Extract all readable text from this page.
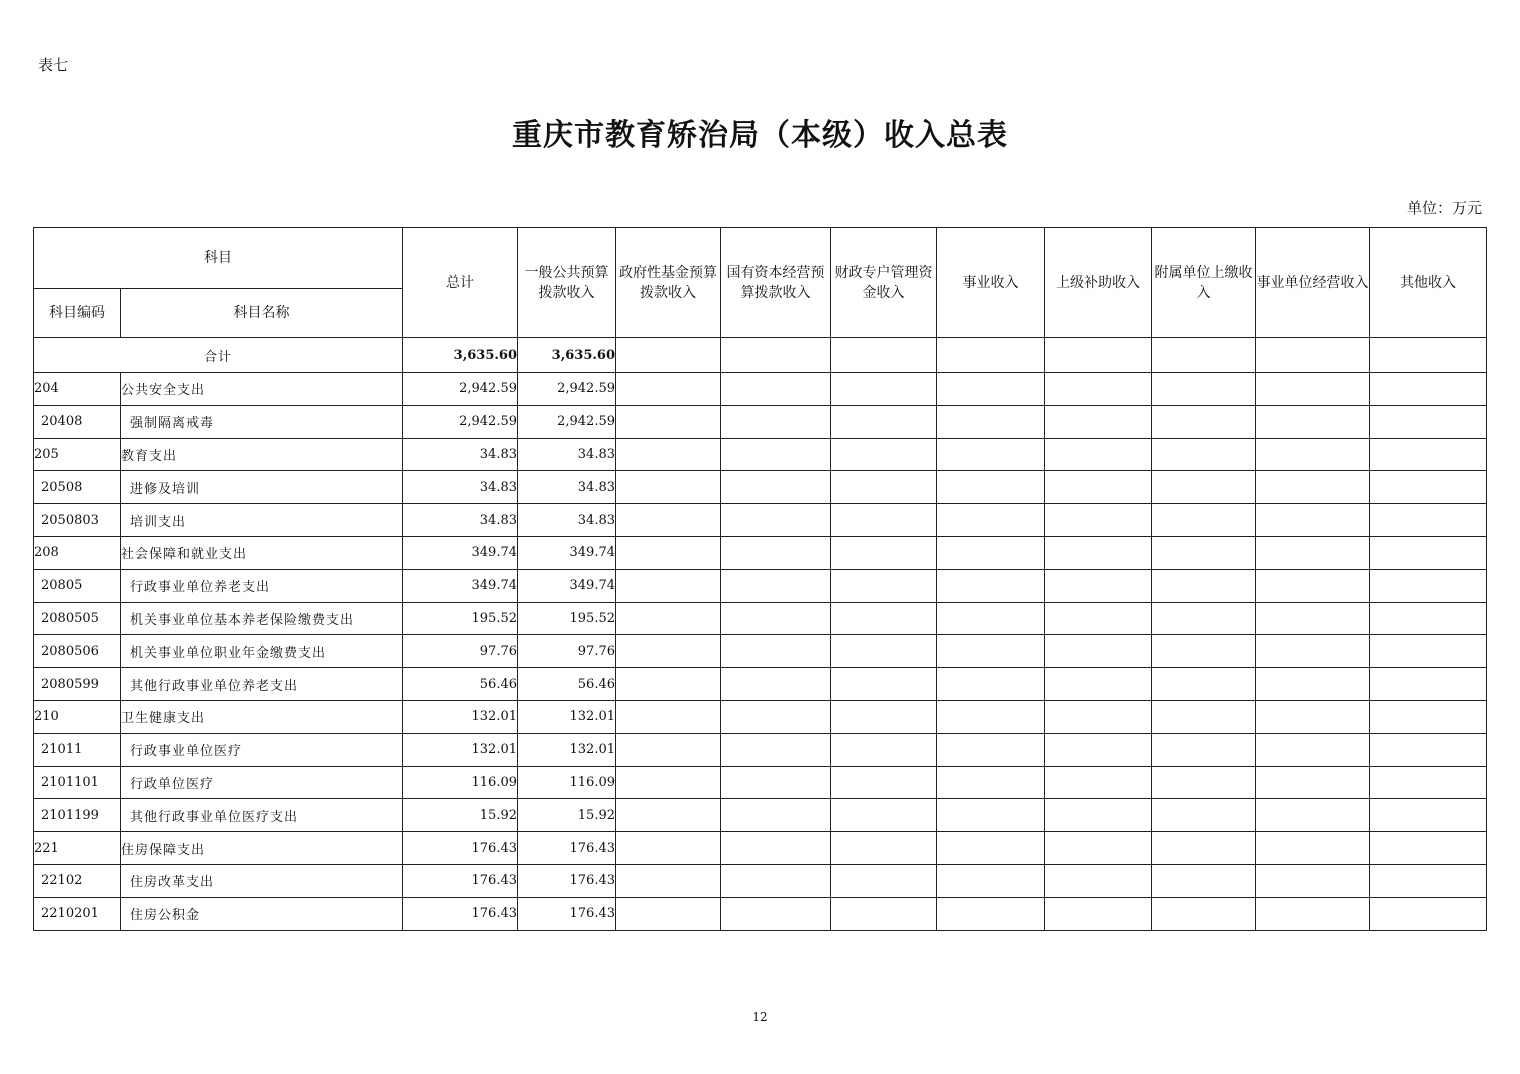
表七
重庆市教育矫治局（本级）收入总表
单位：万元
科目		总计	一般公共预算拨款收入	政府性基金预算拨款收入	国有资本经营预算拨款收入	财政专户管理资金收入	事业收入	上级补助收入	附属单位上缴收入	事业单位经营收入	其他收入
科目编码	科目名称										
合计		3,635.60	3,635.60								
204	公共安全支出	2,942.59	2,942.59								
20408	强制隔离戒毒	2,942.59	2,942.59								
205	教育支出	34.83	34.83								
20508	进修及培训	34.83	34.83								
2050803	培训支出	34.83	34.83								
208	社会保障和就业支出	349.74	349.74								
20805	行政事业单位养老支出	349.74	349.74								
2080505	机关事业单位基本养老保险缴费支出	195.52	195.52								
2080506	机关事业单位职业年金缴费支出	97.76	97.76								
2080599	其他行政事业单位养老支出	56.46	56.46								
210	卫生健康支出	132.01	132.01								
21011	行政事业单位医疗	132.01	132.01								
2101101	行政单位医疗	116.09	116.09								
2101199	其他行政事业单位医疗支出	15.92	15.92								
221	住房保障支出	176.43	176.43								
22102	住房改革支出	176.43	176.43								
2210201	住房公积金	176.43	176.43								
12
